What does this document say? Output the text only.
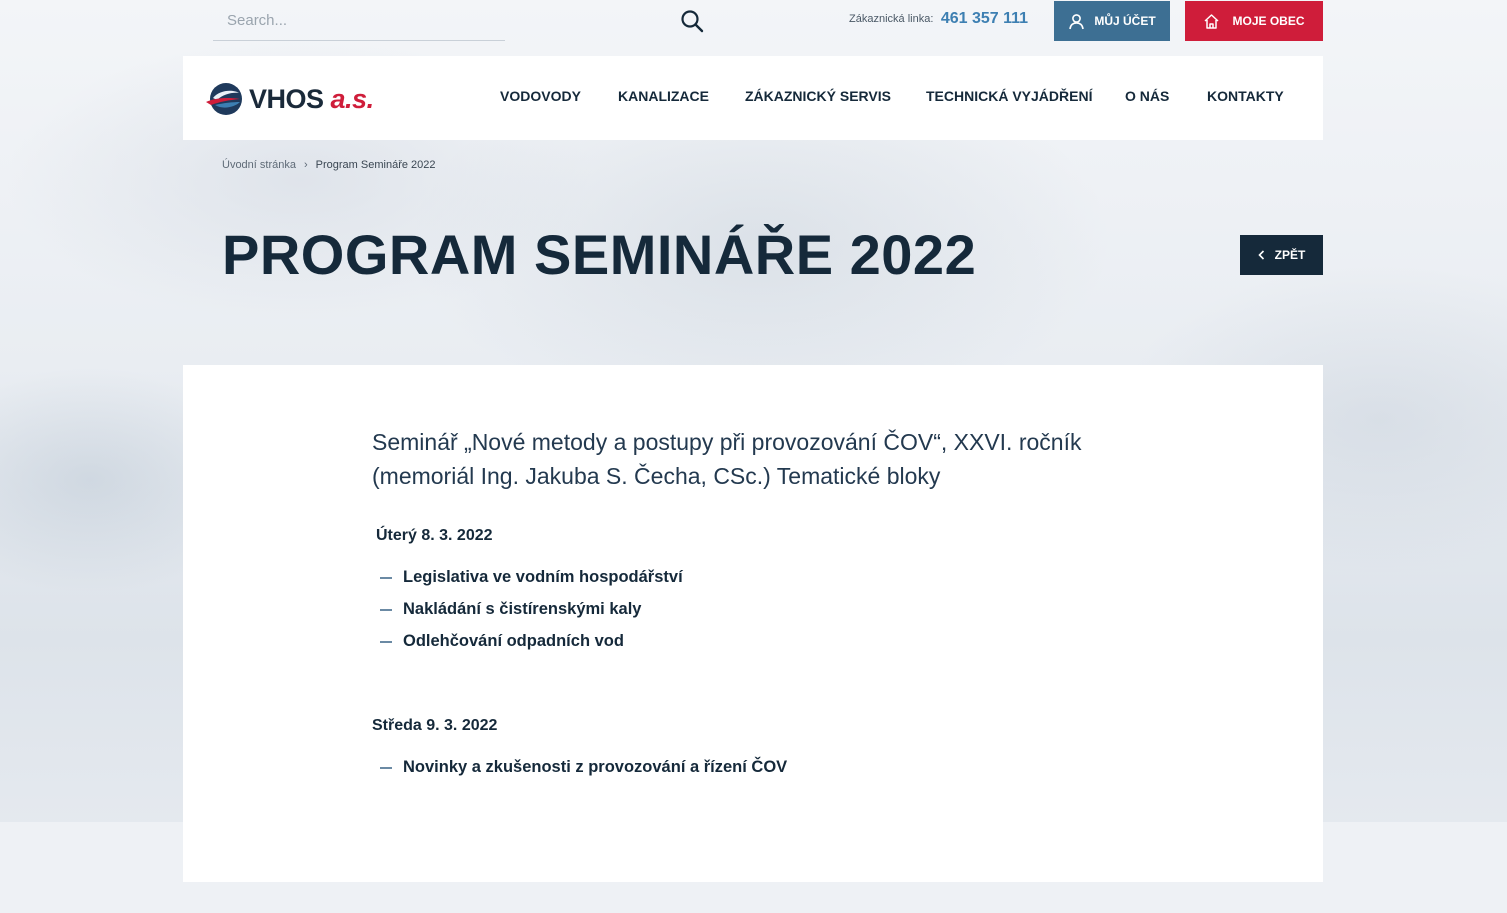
Search...
Zákaznická linka: 461 357 111	MŮJ ÚČET	MOJE OBEC
VHOS a.s.	VODOVODY	KANALIZACE	ZÁKAZNICKÝ SERVIS	TECHNICKÁ VYJÁDŘENÍ O NÁS	KONTAKTY
Úvodní stránka › Program Semináře 2022
PROGRAM SEMINÁŘE 2022	ZPĚT

Seminář „Nové metody a postupy při provozování ČOV“, XXVI. ročník (memoriál Ing. Jakuba S. Čecha, CSc.) Tematické bloky

Úterý 8. 3. 2022
Legislativa ve vodním hospodářství
Nakládání s čistírenskými kaly
Odlehčování odpadních vod
Středa 9. 3. 2022
Novinky a zkušenosti z provozování a řízení ČOV
